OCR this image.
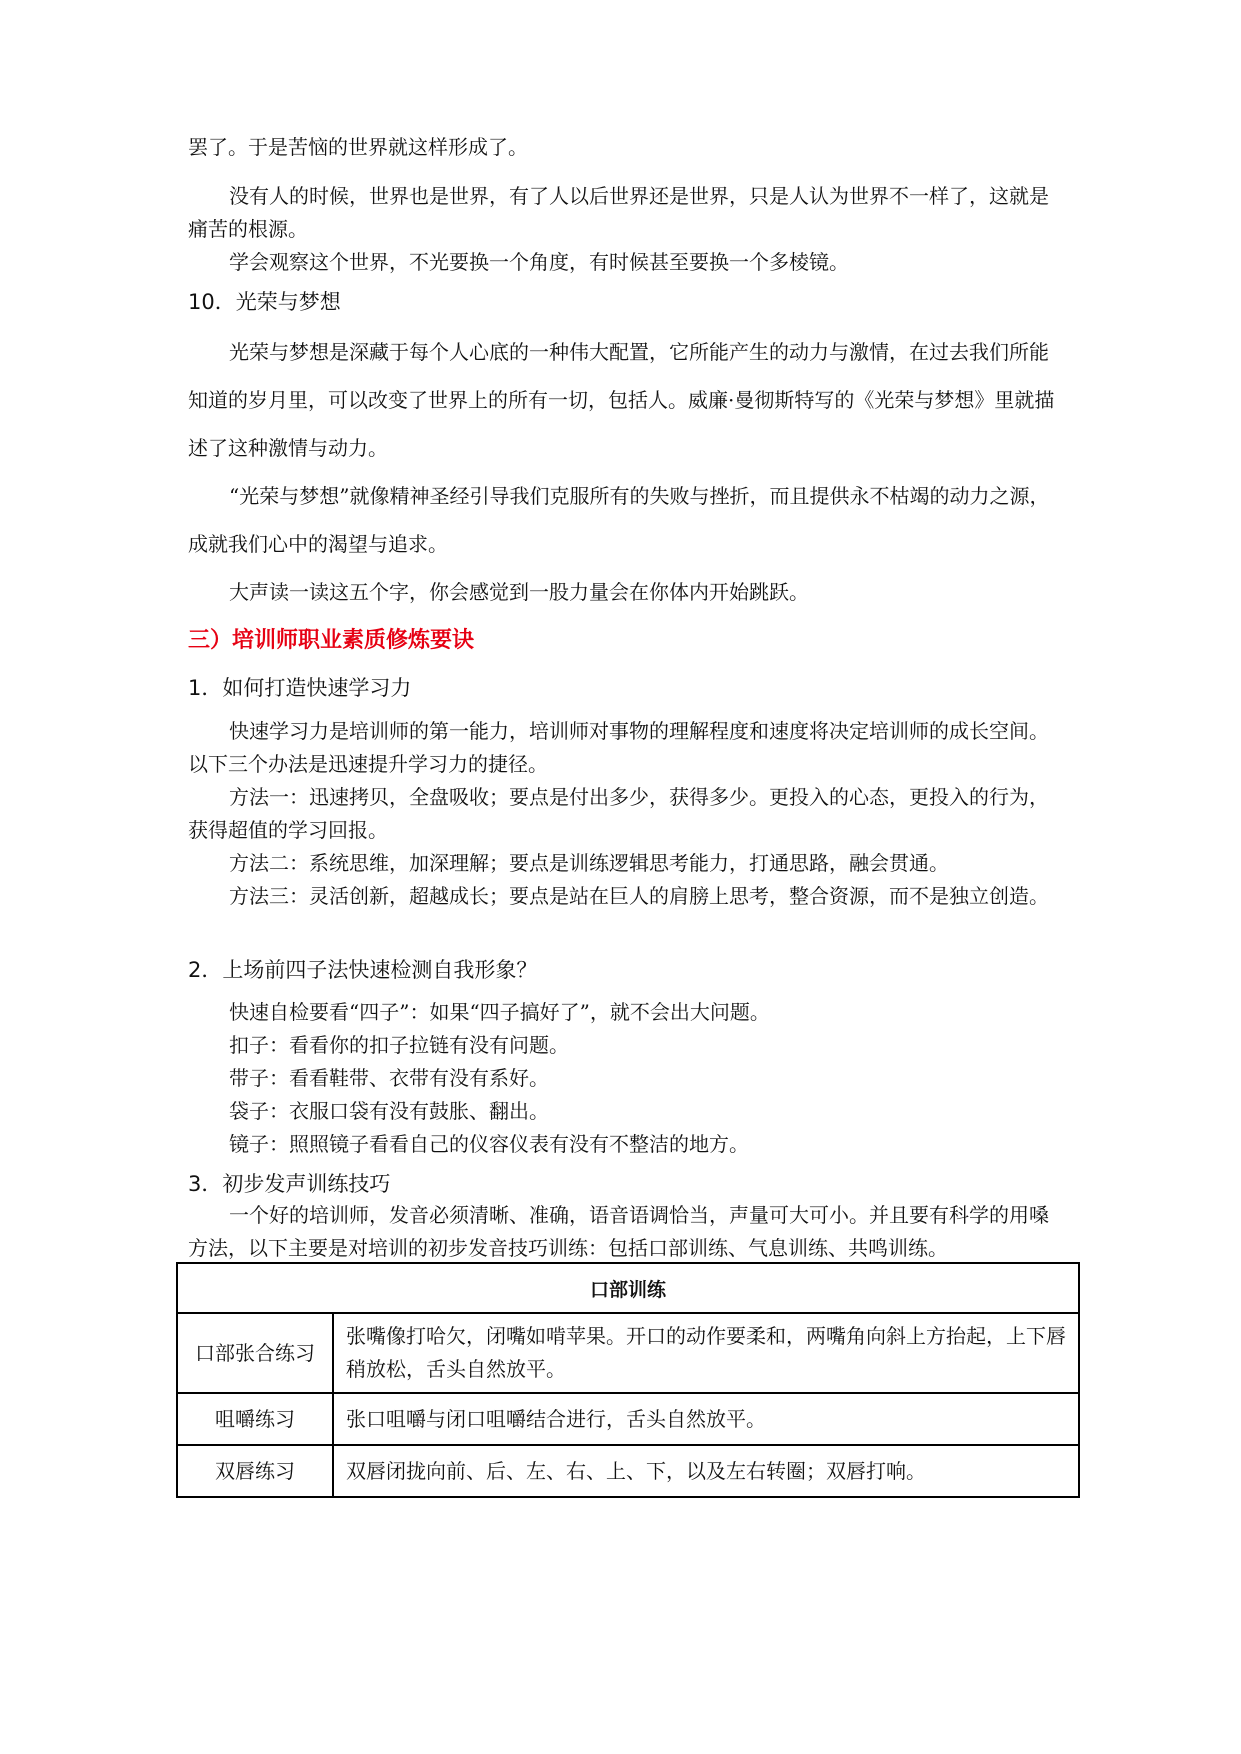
罢了。于是苦恼的世界就这样形成了。

没有人的时候，世界也是世界，有了人以后世界还是世界，只是人认为世界不一样了，这就是痛苦的根源。

学会观察这个世界，不光要换一个角度，有时候甚至要换一个多棱镜。

10．光荣与梦想

光荣与梦想是深藏于每个人心底的一种伟大配置，它所能产生的动力与激情，在过去我们所能知道的岁月里，可以改变了世界上的所有一切，包括人。威廉·曼彻斯特写的《光荣与梦想》里就描述了这种激情与动力。

“光荣与梦想”就像精神圣经引导我们克服所有的失败与挫折，而且提供永不枯竭的动力之源，成就我们心中的渴望与追求。

大声读一读这五个字，你会感觉到一股力量会在你体内开始跳跃。

三）培训师职业素质修炼要诀
1．如何打造快速学习力

快速学习力是培训师的第一能力，培训师对事物的理解程度和速度将决定培训师的成长空间。以下三个办法是迅速提升学习力的捷径。

方法一：迅速拷贝，全盘吸收；要点是付出多少，获得多少。更投入的心态，更投入的行为，获得超值的学习回报。

方法二：系统思维，加深理解；要点是训练逻辑思考能力，打通思路，融会贯通。

方法三：灵活创新，超越成长；要点是站在巨人的肩膀上思考，整合资源，而不是独立创造。

2．上场前四子法快速检测自我形象？

快速自检要看“四子”：如果“四子搞好了”，就不会出大问题。

扣子：看看你的扣子拉链有没有问题。

带子：看看鞋带、衣带有没有系好。

袋子：衣服口袋有没有鼓胀、翻出。

镜子：照照镜子看看自己的仪容仪表有没有不整洁的地方。

3．初步发声训练技巧

一个好的培训师，发音必须清晰、准确，语音语调恰当，声量可大可小。并且要有科学的用嗓方法，以下主要是对培训的初步发音技巧训练：包括口部训练、气息训练、共鸣训练。

口部训练	
口部张合练习	张嘴像打哈欠，闭嘴如啃苹果。开口的动作要柔和，两嘴角向斜上方抬起，上下唇稍放松，舌头自然放平。
咀嚼练习	张口咀嚼与闭口咀嚼结合进行，舌头自然放平。
双唇练习	双唇闭拢向前、后、左、右、上、下，以及左右转圈；双唇打响。
